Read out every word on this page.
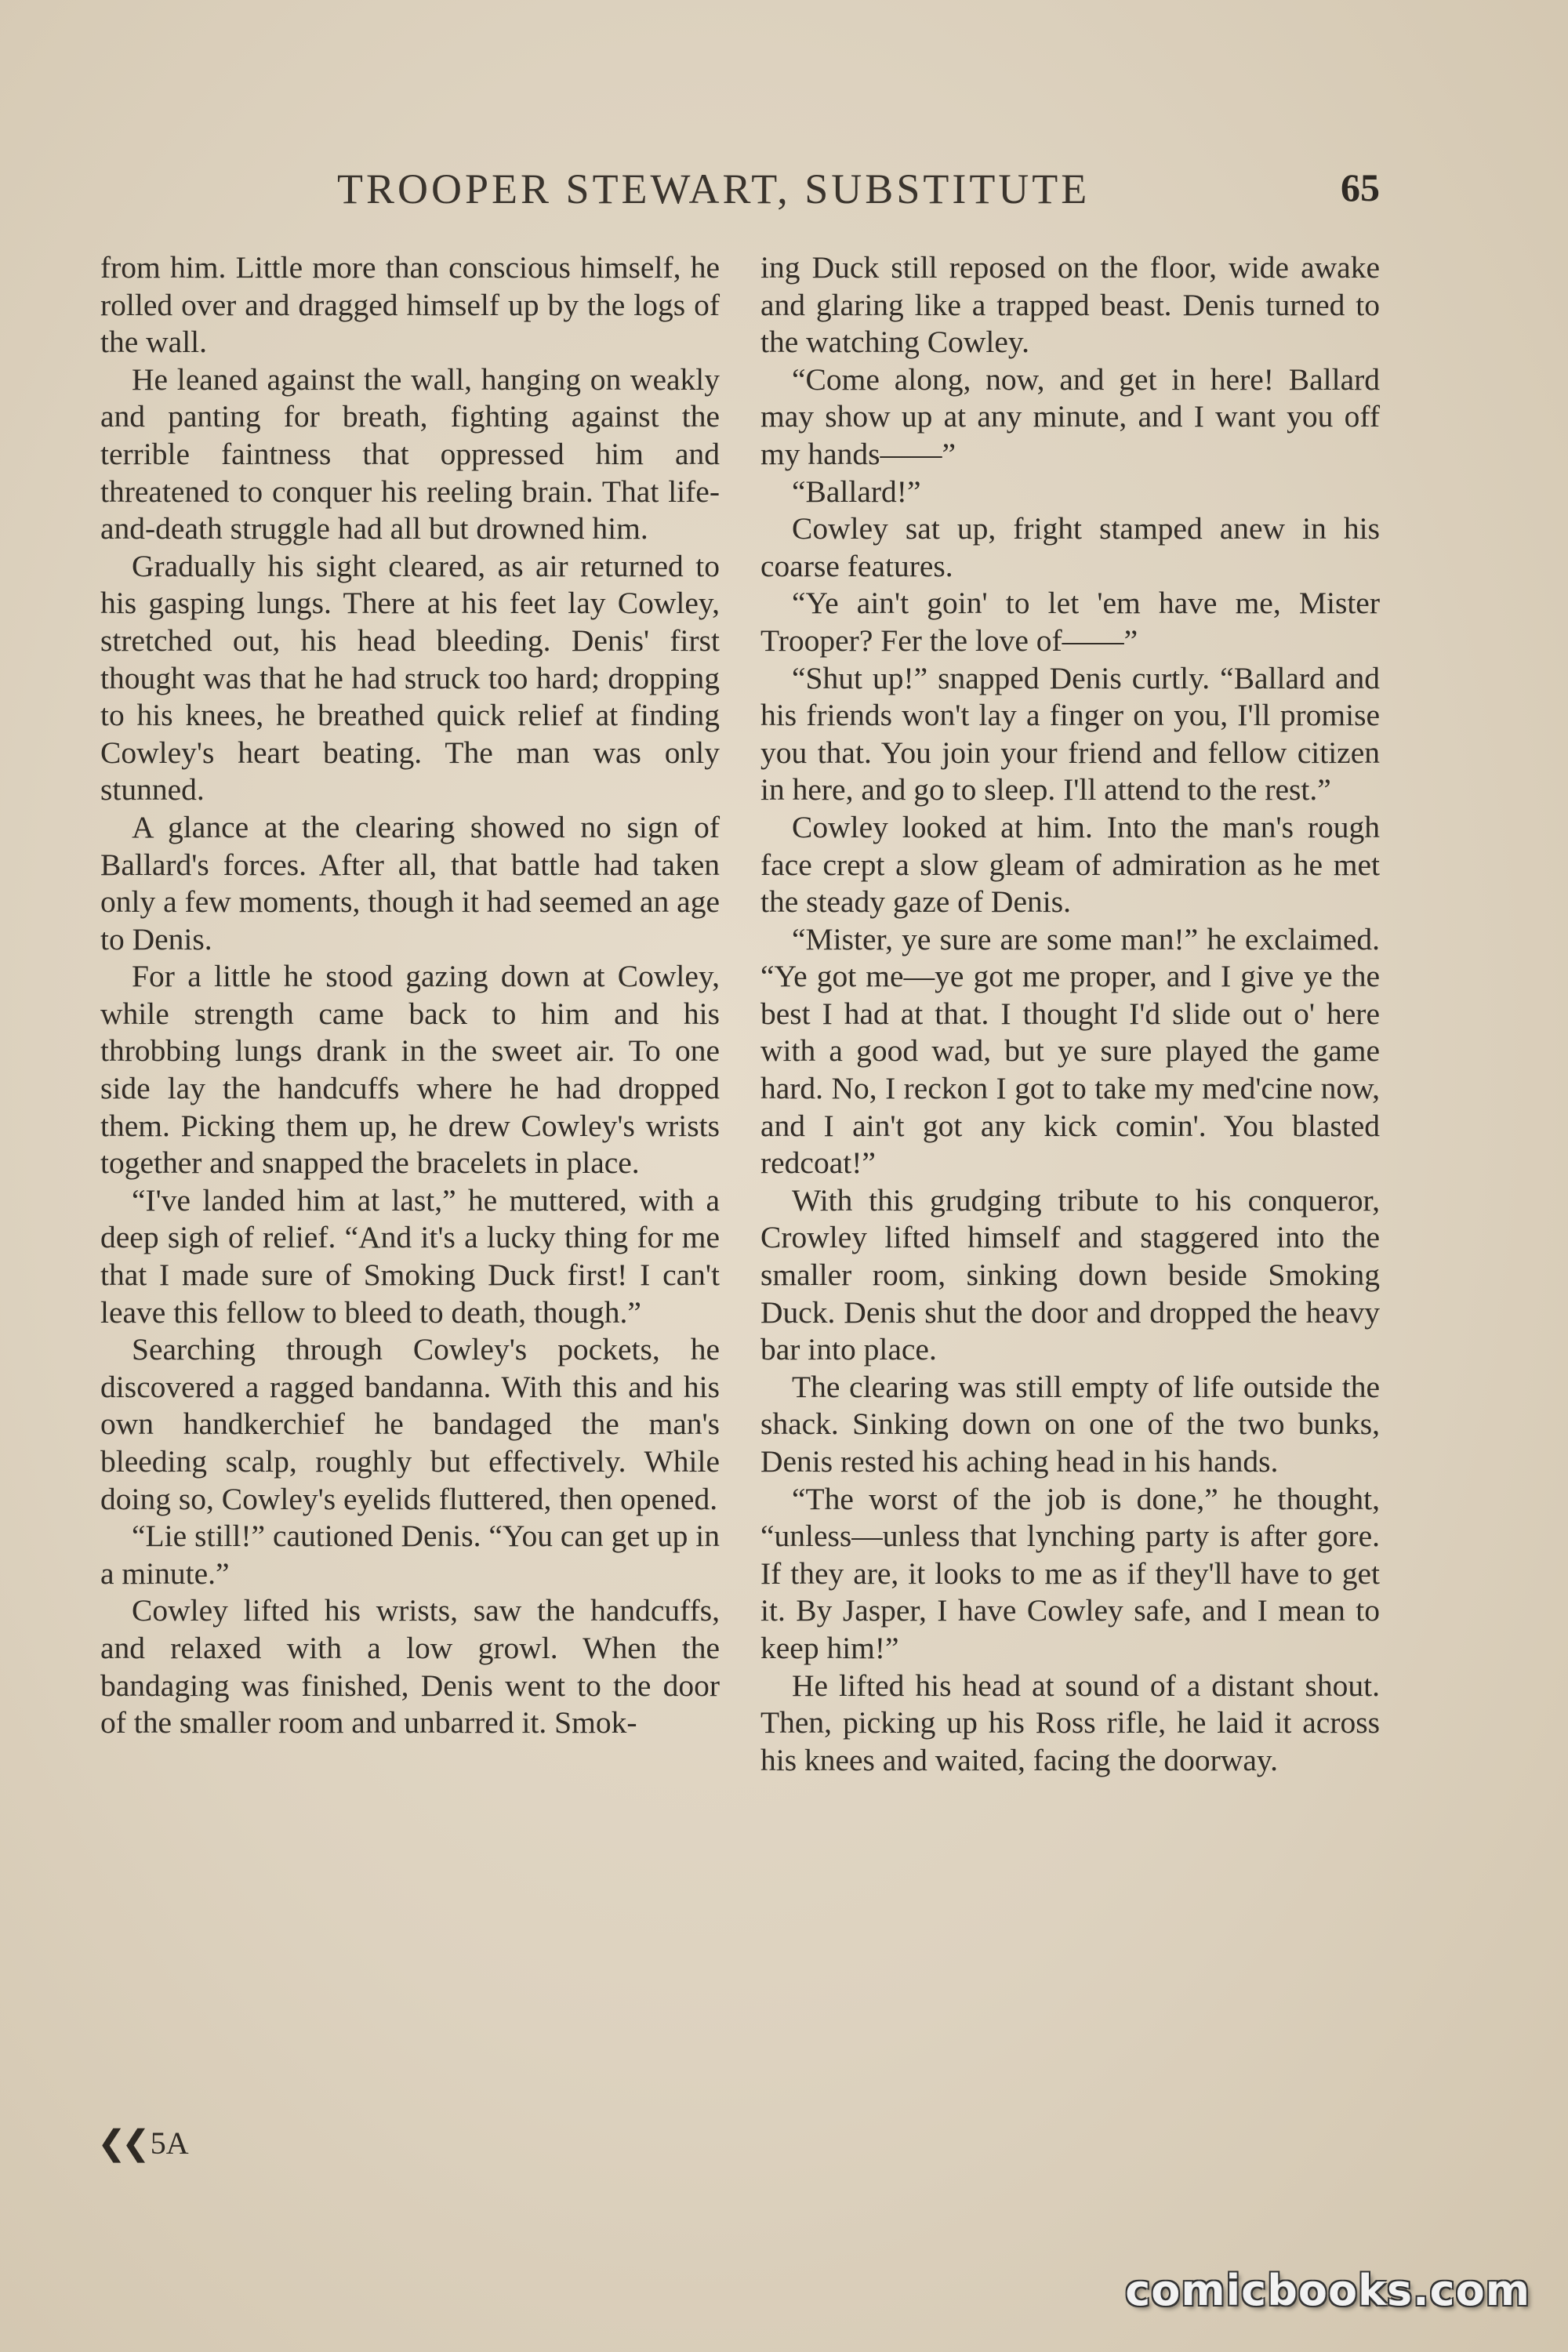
TROOPER STEWART, SUBSTITUTE	65

from him. Little more than conscious himself, he rolled over and dragged himself up by the logs of the wall.

He leaned against the wall, hanging on weakly and panting for breath, fighting against the terrible faintness that oppressed him and threatened to conquer his reeling brain. That life-and-death struggle had all but drowned him.

Gradually his sight cleared, as air returned to his gasping lungs. There at his feet lay Cowley, stretched out, his head bleeding. Denis' first thought was that he had struck too hard; dropping to his knees, he breathed quick relief at finding Cowley's heart beating. The man was only stunned.

A glance at the clearing showed no sign of Ballard's forces. After all, that battle had taken only a few moments, though it had seemed an age to Denis.

For a little he stood gazing down at Cowley, while strength came back to him and his throbbing lungs drank in the sweet air. To one side lay the handcuffs where he had dropped them. Picking them up, he drew Cowley's wrists together and snapped the bracelets in place.

“I've landed him at last,” he muttered, with a deep sigh of relief. “And it's a lucky thing for me that I made sure of Smoking Duck first! I can't leave this fellow to bleed to death, though.”

Searching through Cowley's pockets, he discovered a ragged bandanna. With this and his own handkerchief he bandaged the man's bleeding scalp, roughly but effectively. While doing so, Cowley's eyelids fluttered, then opened.

“Lie still!” cautioned Denis. “You can get up in a minute.”

Cowley lifted his wrists, saw the handcuffs, and relaxed with a low growl. When the bandaging was finished, Denis went to the door of the smaller room and unbarred it. Smok-

ing Duck still reposed on the floor, wide awake and glaring like a trapped beast. Denis turned to the watching Cowley.

“Come along, now, and get in here! Ballard may show up at any minute, and I want you off my hands——”

“Ballard!”

Cowley sat up, fright stamped anew in his coarse features.

“Ye ain't goin' to let 'em have me, Mister Trooper? Fer the love of——”

“Shut up!” snapped Denis curtly. “Ballard and his friends won't lay a finger on you, I'll promise you that. You join your friend and fellow citizen in here, and go to sleep. I'll attend to the rest.”

Cowley looked at him. Into the man's rough face crept a slow gleam of admiration as he met the steady gaze of Denis.

“Mister, ye sure are some man!” he exclaimed. “Ye got me—ye got me proper, and I give ye the best I had at that. I thought I'd slide out o' here with a good wad, but ye sure played the game hard. No, I reckon I got to take my med'cine now, and I ain't got any kick comin'. You blasted redcoat!”

With this grudging tribute to his conqueror, Crowley lifted himself and staggered into the smaller room, sinking down beside Smoking Duck. Denis shut the door and dropped the heavy bar into place.

The clearing was still empty of life outside the shack. Sinking down on one of the two bunks, Denis rested his aching head in his hands.

“The worst of the job is done,” he thought, “unless—unless that lynching party is after gore. If they are, it looks to me as if they'll have to get it. By Jasper, I have Cowley safe, and I mean to keep him!”

He lifted his head at sound of a distant shout. Then, picking up his Ross rifle, he laid it across his knees and waited, facing the doorway.

❮❮ 5A
comicbooks.com
